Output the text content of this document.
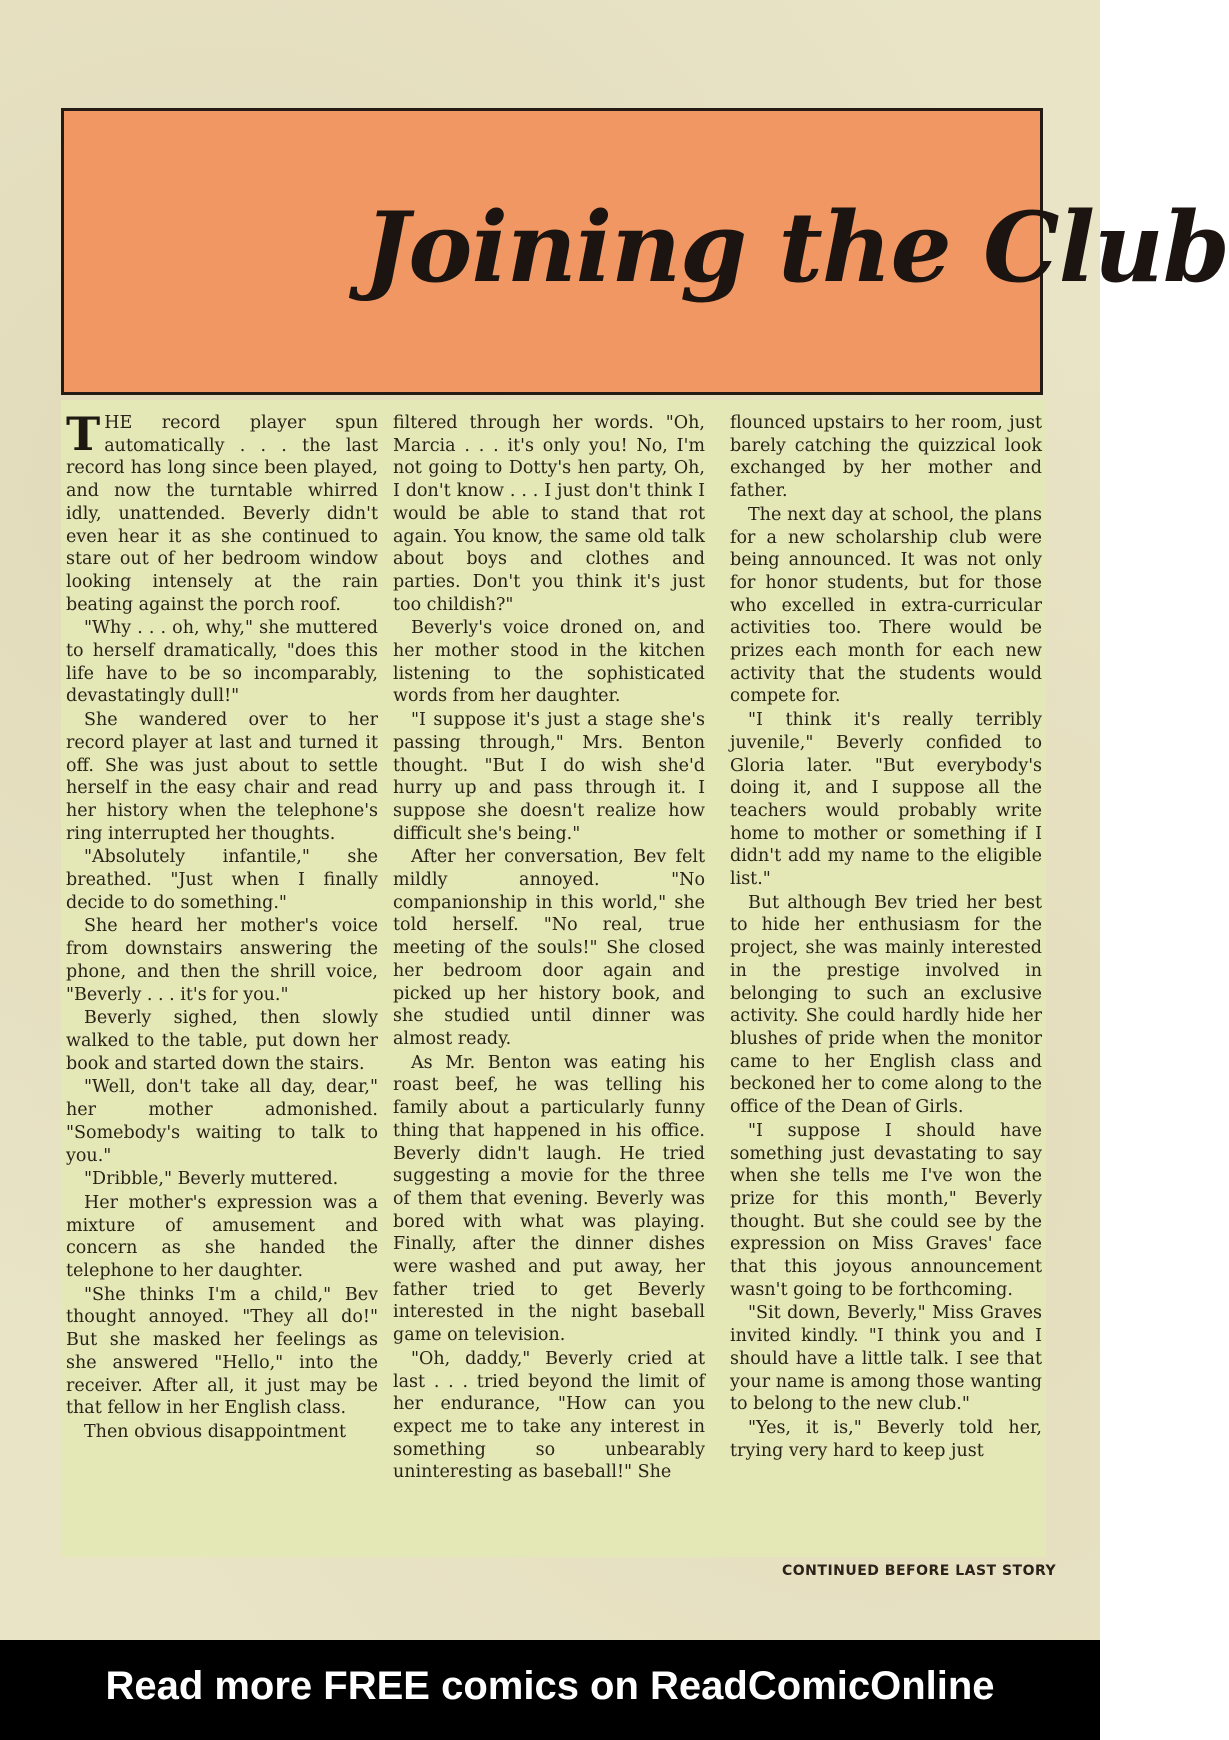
Joining the Club

THE record player spun automatically . . . the last record has long since been played, and now the turntable whirred idly, unattended. Beverly didn't even hear it as she continued to stare out of her bedroom window looking intensely at the rain beating against the porch roof.

"Why . . . oh, why," she muttered to herself dramatically, "does this life have to be so incomparably, devastatingly dull!"

She wandered over to her record player at last and turned it off. She was just about to settle herself in the easy chair and read her history when the telephone's ring interrupted her thoughts.

"Absolutely infantile," she breathed. "Just when I finally decide to do something."

She heard her mother's voice from downstairs answering the phone, and then the shrill voice, "Beverly . . . it's for you."

Beverly sighed, then slowly walked to the table, put down her book and started down the stairs.

"Well, don't take all day, dear," her mother admonished. "Somebody's waiting to talk to you."

"Dribble," Beverly muttered.

Her mother's expression was a mixture of amusement and concern as she handed the telephone to her daughter.

"She thinks I'm a child," Bev thought annoyed. "They all do!" But she masked her feelings as she answered "Hello," into the receiver. After all, it just may be that fellow in her English class.

Then obvious disappointment

filtered through her words. "Oh, Marcia . . . it's only you! No, I'm not going to Dotty's hen party, Oh, I don't know . . . I just don't think I would be able to stand that rot again. You know, the same old talk about boys and clothes and parties. Don't you think it's just too childish?"

Beverly's voice droned on, and her mother stood in the kitchen listening to the sophisticated words from her daughter.

"I suppose it's just a stage she's passing through," Mrs. Benton thought. "But I do wish she'd hurry up and pass through it. I suppose she doesn't realize how difficult she's being."

After her conversation, Bev felt mildly annoyed. "No companionship in this world," she told herself. "No real, true meeting of the souls!" She closed her bedroom door again and picked up her history book, and she studied until dinner was almost ready.

As Mr. Benton was eating his roast beef, he was telling his family about a particularly funny thing that happened in his office. Beverly didn't laugh. He tried suggesting a movie for the three of them that evening. Beverly was bored with what was playing. Finally, after the dinner dishes were washed and put away, her father tried to get Beverly interested in the night baseball game on television.

"Oh, daddy," Beverly cried at last . . . tried beyond the limit of her endurance, "How can you expect me to take any interest in something so unbearably uninteresting as baseball!" She

flounced upstairs to her room, just barely catching the quizzical look exchanged by her mother and father.

The next day at school, the plans for a new scholarship club were being announced. It was not only for honor students, but for those who excelled in extra-curricular activities too. There would be prizes each month for each new activity that the students would compete for.

"I think it's really terribly juvenile," Beverly confided to Gloria later. "But everybody's doing it, and I suppose all the teachers would probably write home to mother or something if I didn't add my name to the eligible list."

But although Bev tried her best to hide her enthusiasm for the project, she was mainly interested in the prestige involved in belonging to such an exclusive activity. She could hardly hide her blushes of pride when the monitor came to her English class and beckoned her to come along to the office of the Dean of Girls.

"I suppose I should have something just devastating to say when she tells me I've won the prize for this month," Beverly thought. But she could see by the expression on Miss Graves' face that this joyous announcement wasn't going to be forthcoming.

"Sit down, Beverly," Miss Graves invited kindly. "I think you and I should have a little talk. I see that your name is among those wanting to belong to the new club."

"Yes, it is," Beverly told her, trying very hard to keep just

CONTINUED BEFORE LAST STORY
Read more FREE comics on ReadComicOnline
